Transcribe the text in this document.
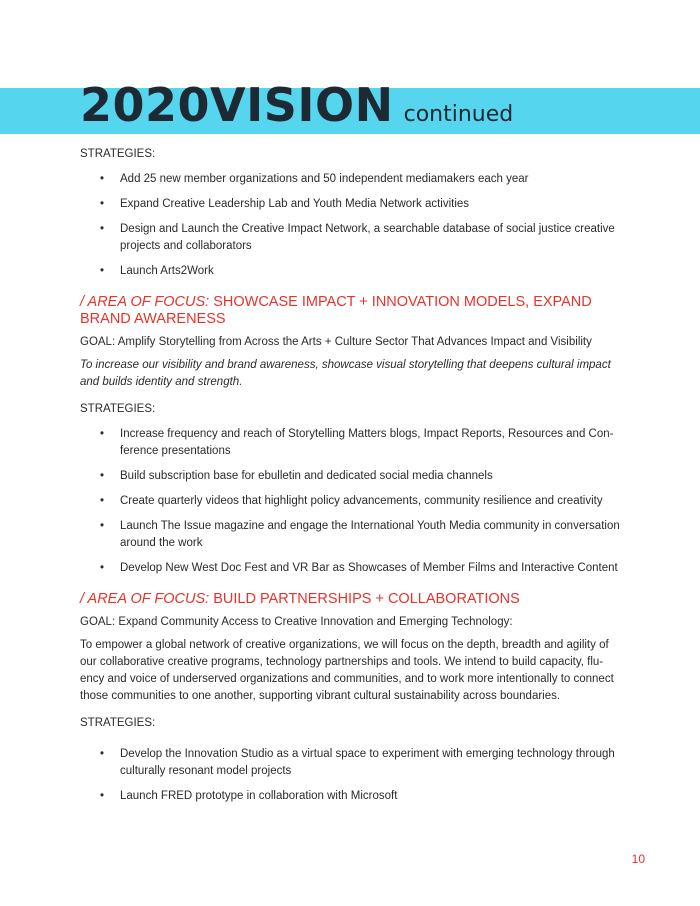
2020VISION continued
STRATEGIES:
• Add 25 new member organizations and 50 independent mediamakers each year
• Expand Creative Leadership Lab and Youth Media Network activities
• Design and Launch the Creative Impact Network, a searchable database of social justice creative projects and collaborators
• Launch Arts2Work
/ AREA OF FOCUS: SHOWCASE IMPACT + INNOVATION MODELS, EXPAND BRAND AWARENESS
GOAL: Amplify Storytelling from Across the Arts + Culture Sector That Advances Impact and Visibility
To increase our visibility and brand awareness, showcase visual storytelling that deepens cultural impact and builds identity and strength.
STRATEGIES:
• Increase frequency and reach of Storytelling Matters blogs, Impact Reports, Resources and Con-ference presentations
• Build subscription base for ebulletin and dedicated social media channels
• Create quarterly videos that highlight policy advancements, community resilience and creativity
• Launch The Issue magazine and engage the International Youth Media community in conversation around the work
• Develop New West Doc Fest and VR Bar as Showcases of Member Films and Interactive Content
/ AREA OF FOCUS: BUILD PARTNERSHIPS + COLLABORATIONS
GOAL: Expand Community Access to Creative Innovation and Emerging Technology:
To empower a global network of creative organizations, we will focus on the depth, breadth and agility of our collaborative creative programs, technology partnerships and tools. We intend to build capacity, flu-ency and voice of underserved organizations and communities, and to work more intentionally to connect those communities to one another, supporting vibrant cultural sustainability across boundaries.
STRATEGIES:
• Develop the Innovation Studio as a virtual space to experiment with emerging technology through culturally resonant model projects
• Launch FRED prototype in collaboration with Microsoft
10
